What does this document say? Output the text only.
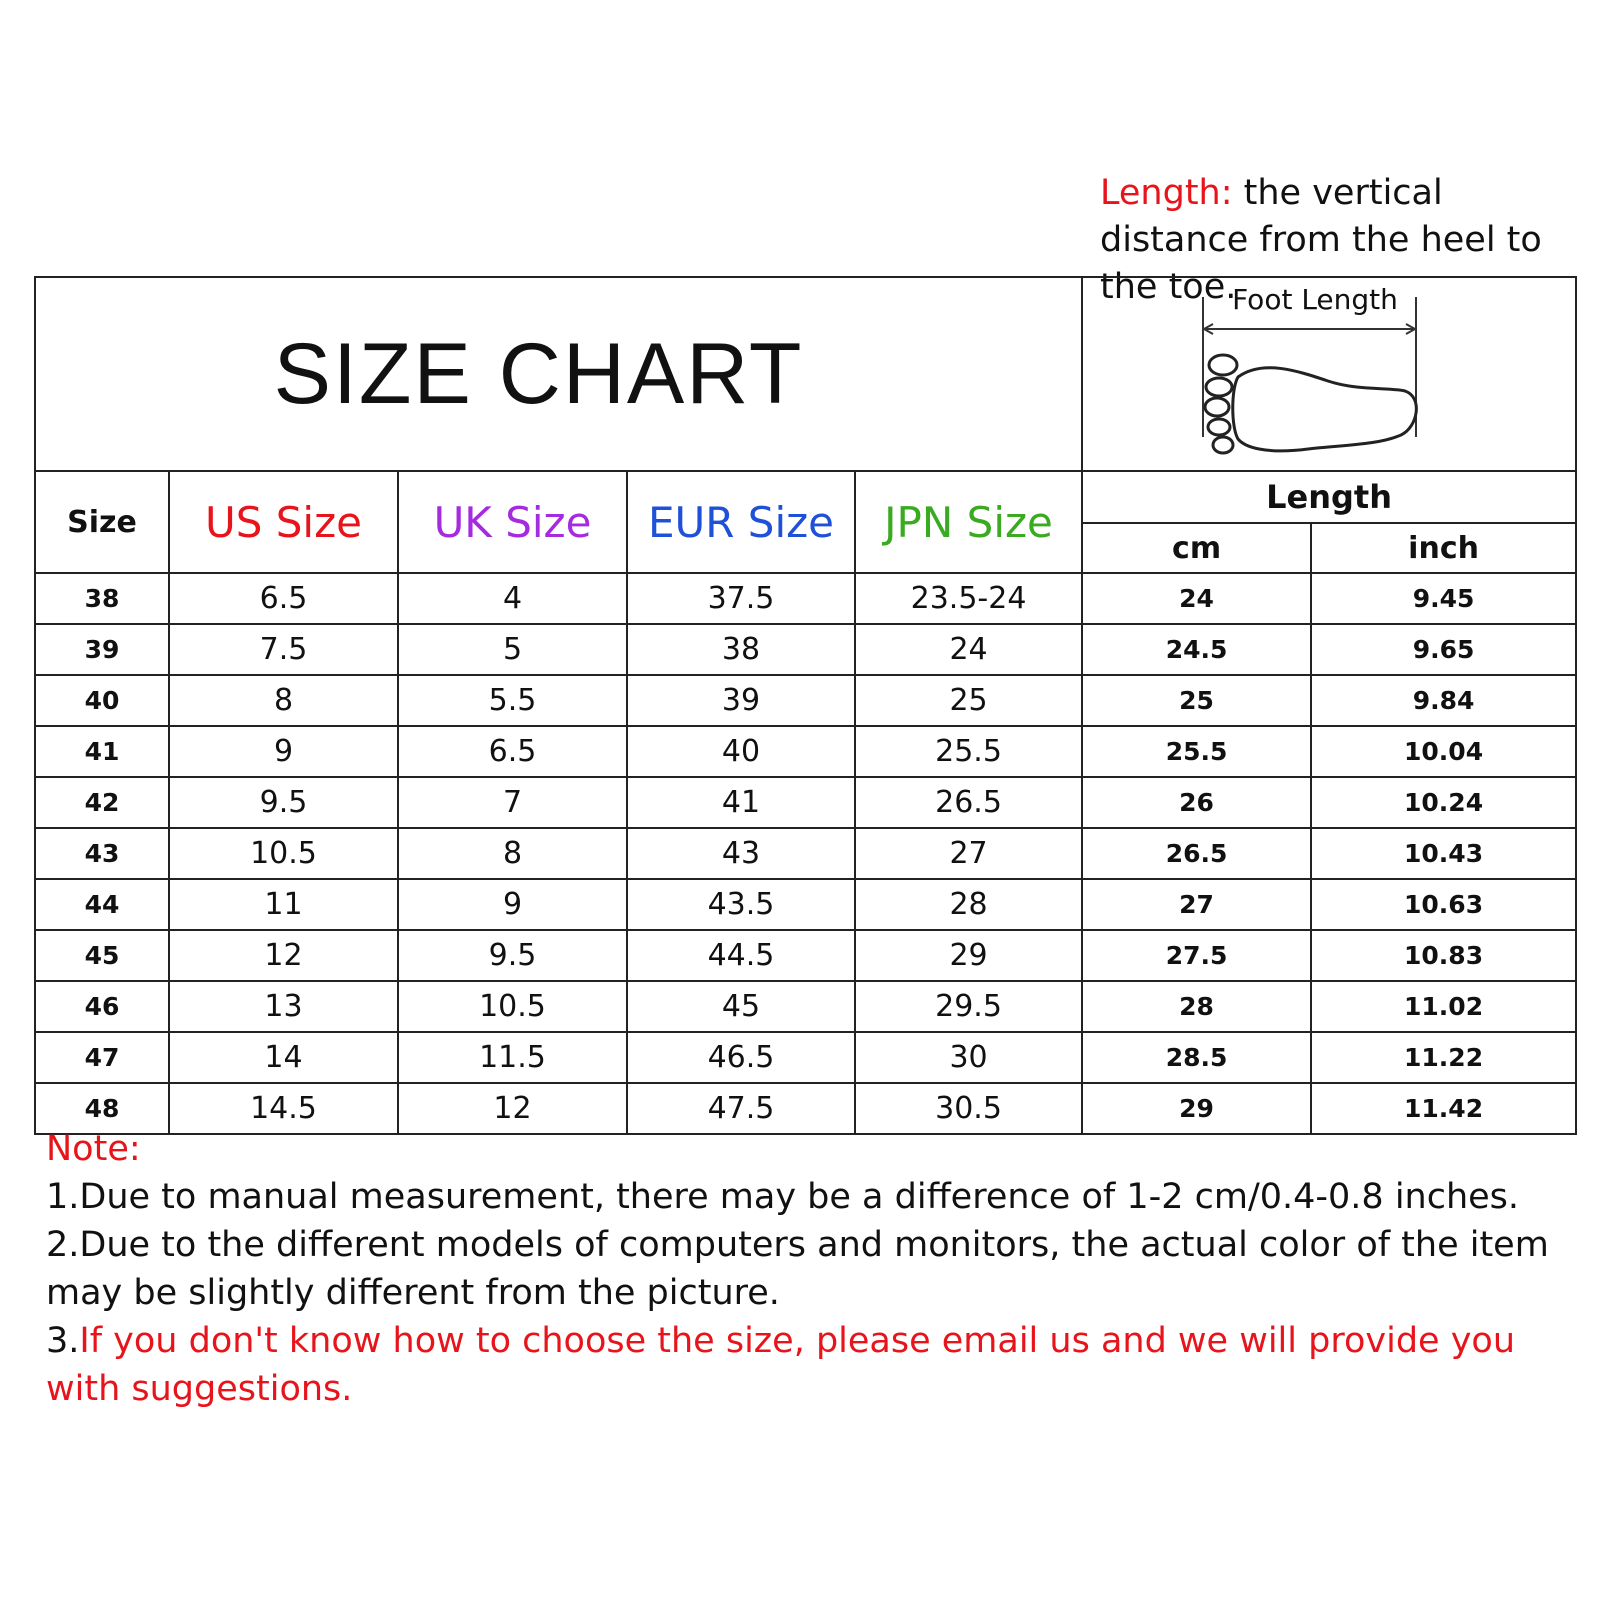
Length: the vertical distance from the heel to the toe.
SIZE CHART					Foot Length	

Size	US Size	UK Size	EUR Size	JPN Size	Length	
					cm	inch
38	6.5	4	37.5	23.5-24	24	9.45
39	7.5	5	38	24	24.5	9.65
40	8	5.5	39	25	25	9.84
41	9	6.5	40	25.5	25.5	10.04
42	9.5	7	41	26.5	26	10.24
43	10.5	8	43	27	26.5	10.43
44	11	9	43.5	28	27	10.63
45	12	9.5	44.5	29	27.5	10.83
46	13	10.5	45	29.5	28	11.02
47	14	11.5	46.5	30	28.5	11.22
48	14.5	12	47.5	30.5	29	11.42

Note:

1.Due to manual measurement, there may be a difference of 1-2 cm/0.4-0.8 inches.

2.Due to the different models of computers and monitors, the actual color of the item may be slightly different from the picture.

3.If you don't know how to choose the size, please email us and we will provide you with suggestions.
